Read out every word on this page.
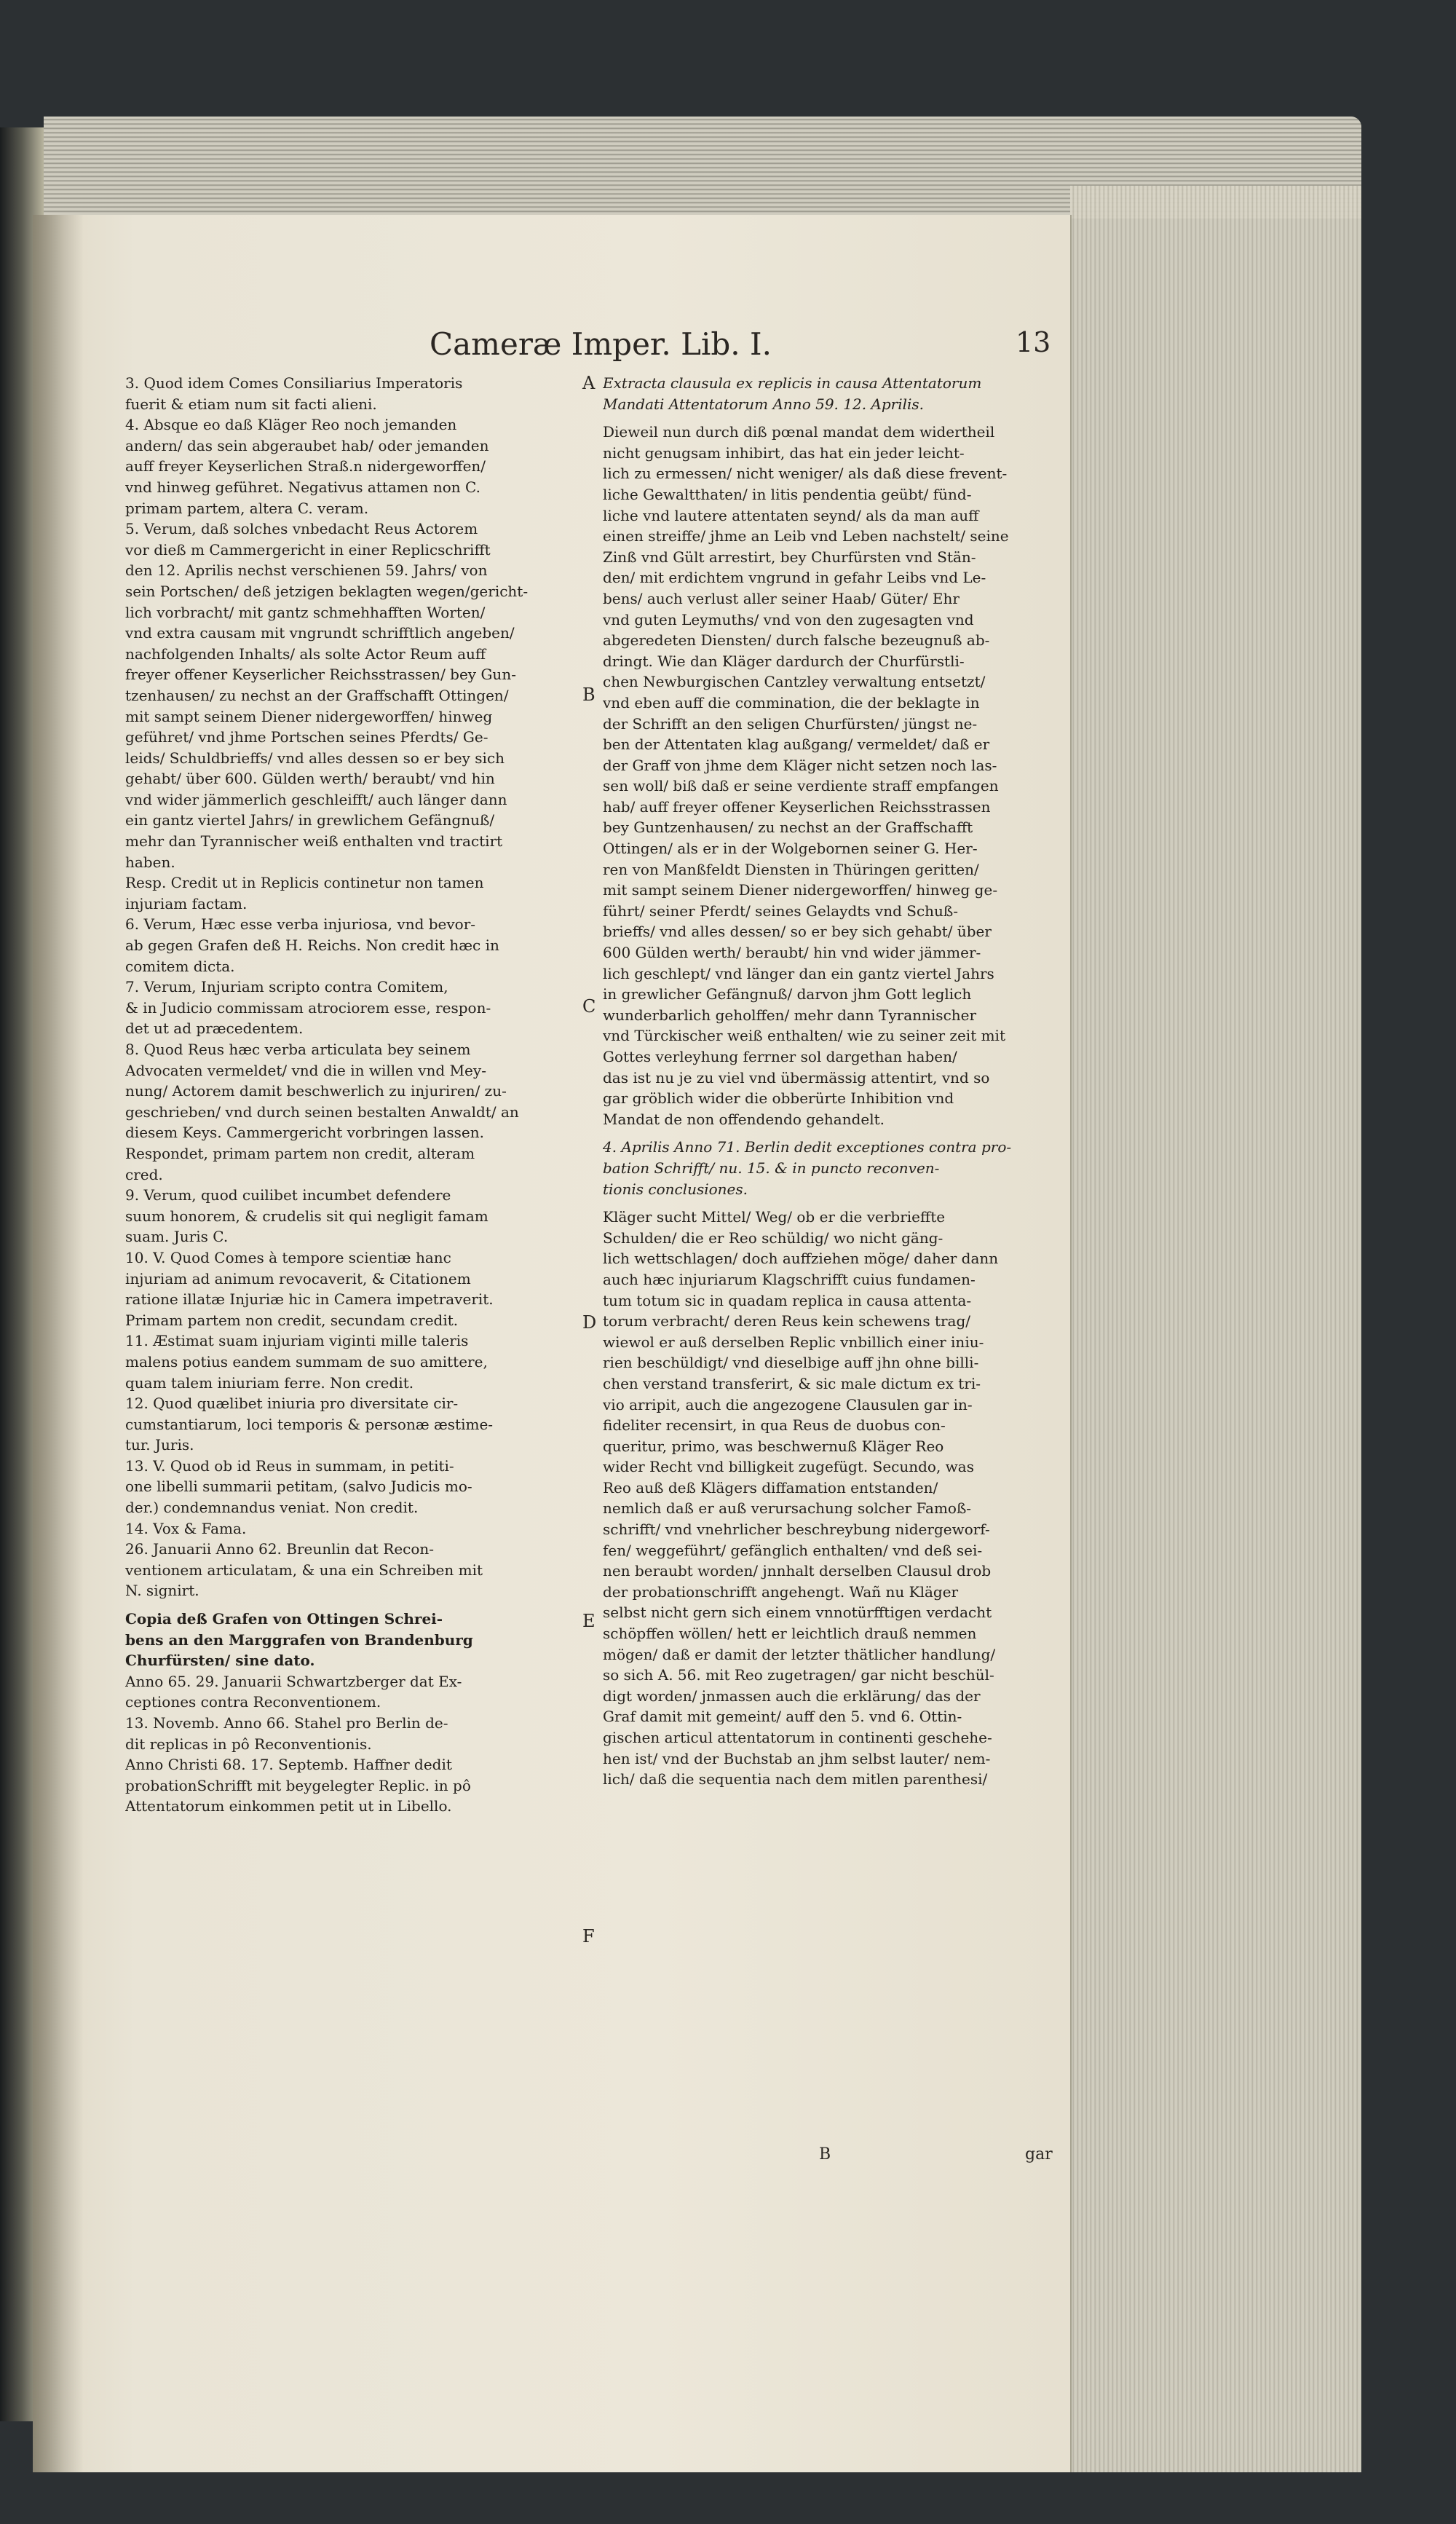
Cameræ Imper. Lib. I.	13

3. Quod idem Comes Consiliarius Imperatoris
fuerit & etiam num sit facti alieni.

4. Absque eo daß Kläger Reo noch jemanden
andern/ das sein abgeraubet hab/ oder jemanden
auff freyer Keyserlichen Straß.n nidergeworffen/
vnd hinweg geführet. Negativus attamen non C.
primam partem, altera C. veram.

5. Verum, daß solches vnbedacht Reus Actorem
vor dieß m Cammergericht in einer Replicschrifft
den 12. Aprilis nechst verschienen 59. Jahrs/ von
sein Portschen/ deß jetzigen beklagten wegen/gericht-
lich vorbracht/ mit gantz schmehhafften Worten/
vnd extra causam mit vngrundt schrifftlich angeben/
nachfolgenden Inhalts/ als solte Actor Reum auff
freyer offener Keyserlicher Reichsstrassen/ bey Gun-
tzenhausen/ zu nechst an der Graffschafft Ottingen/
mit sampt seinem Diener nidergeworffen/ hinweg
geführet/ vnd jhme Portschen seines Pferdts/ Ge-
leids/ Schuldbrieffs/ vnd alles dessen so er bey sich
gehabt/ über 600. Gülden werth/ beraubt/ vnd hin
vnd wider jämmerlich geschleifft/ auch länger dann
ein gantz viertel Jahrs/ in grewlichem Gefängnuß/
mehr dan Tyrannischer weiß enthalten vnd tractirt
haben.

Resp. Credit ut in Replicis continetur non tamen
injuriam factam.

6. Verum, Hæc esse verba injuriosa, vnd bevor-
ab gegen Grafen deß H. Reichs. Non credit hæc in
comitem dicta.

7. Verum, Injuriam scripto contra Comitem,
& in Judicio commissam atrociorem esse, respon-
det ut ad præcedentem.

8. Quod Reus hæc verba articulata bey seinem
Advocaten vermeldet/ vnd die in willen vnd Mey-
nung/ Actorem damit beschwerlich zu injuriren/ zu-
geschrieben/ vnd durch seinen bestalten Anwaldt/ an
diesem Keys. Cammergericht vorbringen lassen.
Respondet, primam partem non credit, alteram
cred.

9. Verum, quod cuilibet incumbet defendere
suum honorem, & crudelis sit qui negligit famam
suam. Juris C.

10. V. Quod Comes à tempore scientiæ hanc
injuriam ad animum revocaverit, & Citationem
ratione illatæ Injuriæ hic in Camera impetraverit.
Primam partem non credit, secundam credit.

11. Æstimat suam injuriam viginti mille taleris
malens potius eandem summam de suo amittere,
quam talem iniuriam ferre. Non credit.

12. Quod quælibet iniuria pro diversitate cir-
cumstantiarum, loci temporis & personæ æstime-
tur. Juris.

13. V. Quod ob id Reus in summam, in petiti-
one libelli summarii petitam, (salvo Judicis mo-
der.) condemnandus veniat. Non credit.

14. Vox & Fama.

26. Januarii Anno 62. Breunlin dat Recon-
ventionem articulatam, & una ein Schreiben mit
N. signirt.

Copia deß Grafen von Ottingen Schrei-
bens an den Marggrafen von Brandenburg
Churfürsten/ sine dato.

Anno 65. 29. Januarii Schwartzberger dat Ex-
ceptiones contra Reconventionem.

13. Novemb. Anno 66. Stahel pro Berlin de-
dit replicas in pô Reconventionis.

Anno Christi 68. 17. Septemb. Haffner dedit
probationSchrifft mit beygelegter Replic. in pô
Attentatorum einkommen petit ut in Libello.

Extracta clausula ex replicis in causa Attentatorum
Mandati Attentatorum Anno 59. 12. Aprilis.

Dieweil nun durch diß pœnal mandat dem widertheil
nicht genugsam inhibirt, das hat ein jeder leicht-
lich zu ermessen/ nicht weniger/ als daß diese frevent-
liche Gewaltthaten/ in litis pendentia geübt/ fünd-
liche vnd lautere attentaten seynd/ als da man auff
einen streiffe/ jhme an Leib vnd Leben nachstelt/ seine
Zinß vnd Gült arrestirt, bey Churfürsten vnd Stän-
den/ mit erdichtem vngrund in gefahr Leibs vnd Le-
bens/ auch verlust aller seiner Haab/ Güter/ Ehr
vnd guten Leymuths/ vnd von den zugesagten vnd
abgeredeten Diensten/ durch falsche bezeugnuß ab-
dringt. Wie dan Kläger dardurch der Churfürstli-
chen Newburgischen Cantzley verwaltung entsetzt/
vnd eben auff die commination, die der beklagte in
der Schrifft an den seligen Churfürsten/ jüngst ne-
ben der Attentaten klag außgang/ vermeldet/ daß er
der Graff von jhme dem Kläger nicht setzen noch las-
sen woll/ biß daß er seine verdiente straff empfangen
hab/ auff freyer offener Keyserlichen Reichsstrassen
bey Guntzenhausen/ zu nechst an der Graffschafft
Ottingen/ als er in der Wolgebornen seiner G. Her-
ren von Manßfeldt Diensten in Thüringen geritten/
mit sampt seinem Diener nidergeworffen/ hinweg ge-
führt/ seiner Pferdt/ seines Gelaydts vnd Schuß-
brieffs/ vnd alles dessen/ so er bey sich gehabt/ über
600 Gülden werth/ beraubt/ hin vnd wider jämmer-
lich geschlept/ vnd länger dan ein gantz viertel Jahrs
in grewlicher Gefängnuß/ darvon jhm Gott leglich
wunderbarlich geholffen/ mehr dann Tyrannischer
vnd Türckischer weiß enthalten/ wie zu seiner zeit mit
Gottes verleyhung ferrner sol dargethan haben/
das ist nu je zu viel vnd übermässig attentirt, vnd so
gar gröblich wider die obberürte Inhibition vnd
Mandat de non offendendo gehandelt.

4. Aprilis Anno 71. Berlin dedit exceptiones contra pro-
bation Schrifft/ nu. 15. & in puncto reconven-
tionis conclusiones.

Kläger sucht Mittel/ Weg/ ob er die verbrieffte
Schulden/ die er Reo schüldig/ wo nicht gäng-
lich wettschlagen/ doch auffziehen möge/ daher dann
auch hæc injuriarum Klagschrifft cuius fundamen-
tum totum sic in quadam replica in causa attenta-
torum verbracht/ deren Reus kein schewens trag/
wiewol er auß derselben Replic vnbillich einer iniu-
rien beschüldigt/ vnd dieselbige auff jhn ohne billi-
chen verstand transferirt, & sic male dictum ex tri-
vio arripit, auch die angezogene Clausulen gar in-
fideliter recensirt, in qua Reus de duobus con-
queritur, primo, was beschwernuß Kläger Reo
wider Recht vnd billigkeit zugefügt. Secundo, was
Reo auß deß Klägers diffamation entstanden/
nemlich daß er auß verursachung solcher Famoß-
schrifft/ vnd vnehrlicher beschreybung nidergeworf-
fen/ weggeführt/ gefänglich enthalten/ vnd deß sei-
nen beraubt worden/ jnnhalt derselben Clausul drob
der probationschrifft angehengt. Wañ nu Kläger
selbst nicht gern sich einem vnnotürfftigen verdacht
schöpffen wöllen/ hett er leichtlich drauß nemmen
mögen/ daß er damit der letzter thätlicher handlung/
so sich A. 56. mit Reo zugetragen/ gar nicht beschül-
digt worden/ jnmassen auch die erklärung/ das der
Graf damit mit gemeint/ auff den 5. vnd 6. Ottin-
gischen articul attentatorum in continenti geschehe-
hen ist/ vnd der Buchstab an jhm selbst lauter/ nem-
lich/ daß die sequentia nach dem mitlen parenthesi/

A
B
C
D
E
F
B	gar
